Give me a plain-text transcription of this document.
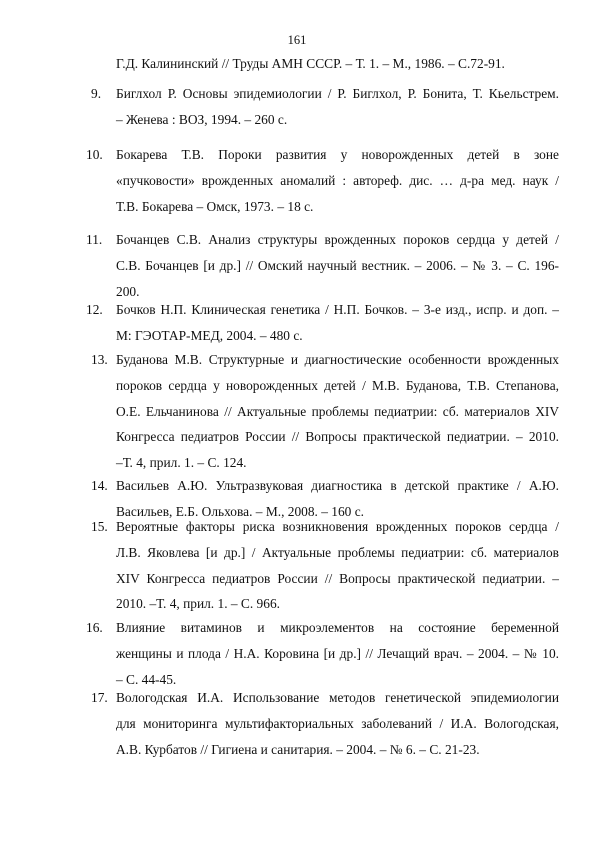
161
Г.Д. Калининский // Труды АМН СССР. – Т. 1. – М., 1986. – С.72-91.
9. Биглхол Р. Основы эпидемиологии / Р. Биглхол, Р. Бонита, Т. Кьельстрем.
– Женева : ВОЗ, 1994. – 260 с.
10. Бокарева Т.В. Пороки развития у новорожденных детей в зоне
«пучковости» врожденных аномалий : автореф. дис. … д-ра мед. наук /
Т.В. Бокарева – Омск, 1973. – 18 с.
11. Бочанцев С.В. Анализ структуры врожденных пороков сердца у детей /
С.В. Бочанцев [и др.] // Омский научный вестник. – 2006. – № 3. – С. 196-
200.
12. Бочков Н.П. Клиническая генетика / Н.П. Бочков. – 3-е изд., испр. и доп. –
М: ГЭОТАР-МЕД, 2004. – 480 с.
13. Буданова М.В. Структурные и диагностические особенности врожденных
пороков сердца у новорожденных детей / М.В. Буданова, Т.В. Степанова,
О.Е. Ельчанинова // Актуальные проблемы педиатрии: сб. материалов XIV
Конгресса педиатров России // Вопросы практической педиатрии. – 2010.
–Т. 4, прил. 1. – С. 124.
14. Васильев А.Ю. Ультразвуковая диагностика в детской практике / А.Ю.
Васильев, Е.Б. Ольхова. – М., 2008. – 160 с.
15. Вероятные факторы риска возникновения врожденных пороков сердца /
Л.В. Яковлева [и др.] / Актуальные проблемы педиатрии: сб. материалов
XIV Конгресса педиатров России // Вопросы практической педиатрии. –
2010. –Т. 4, прил. 1. – С. 966.
16. Влияние витаминов и микроэлементов на состояние беременной
женщины и плода / Н.А. Коровина [и др.] // Лечащий врач. – 2004. – № 10.
– С. 44-45.
17. Вологодская И.А. Использование методов генетической эпидемиологии
для мониторинга мультифакториальных заболеваний / И.А. Вологодская,
А.В. Курбатов // Гигиена и санитария. – 2004. – № 6. – С. 21-23.
